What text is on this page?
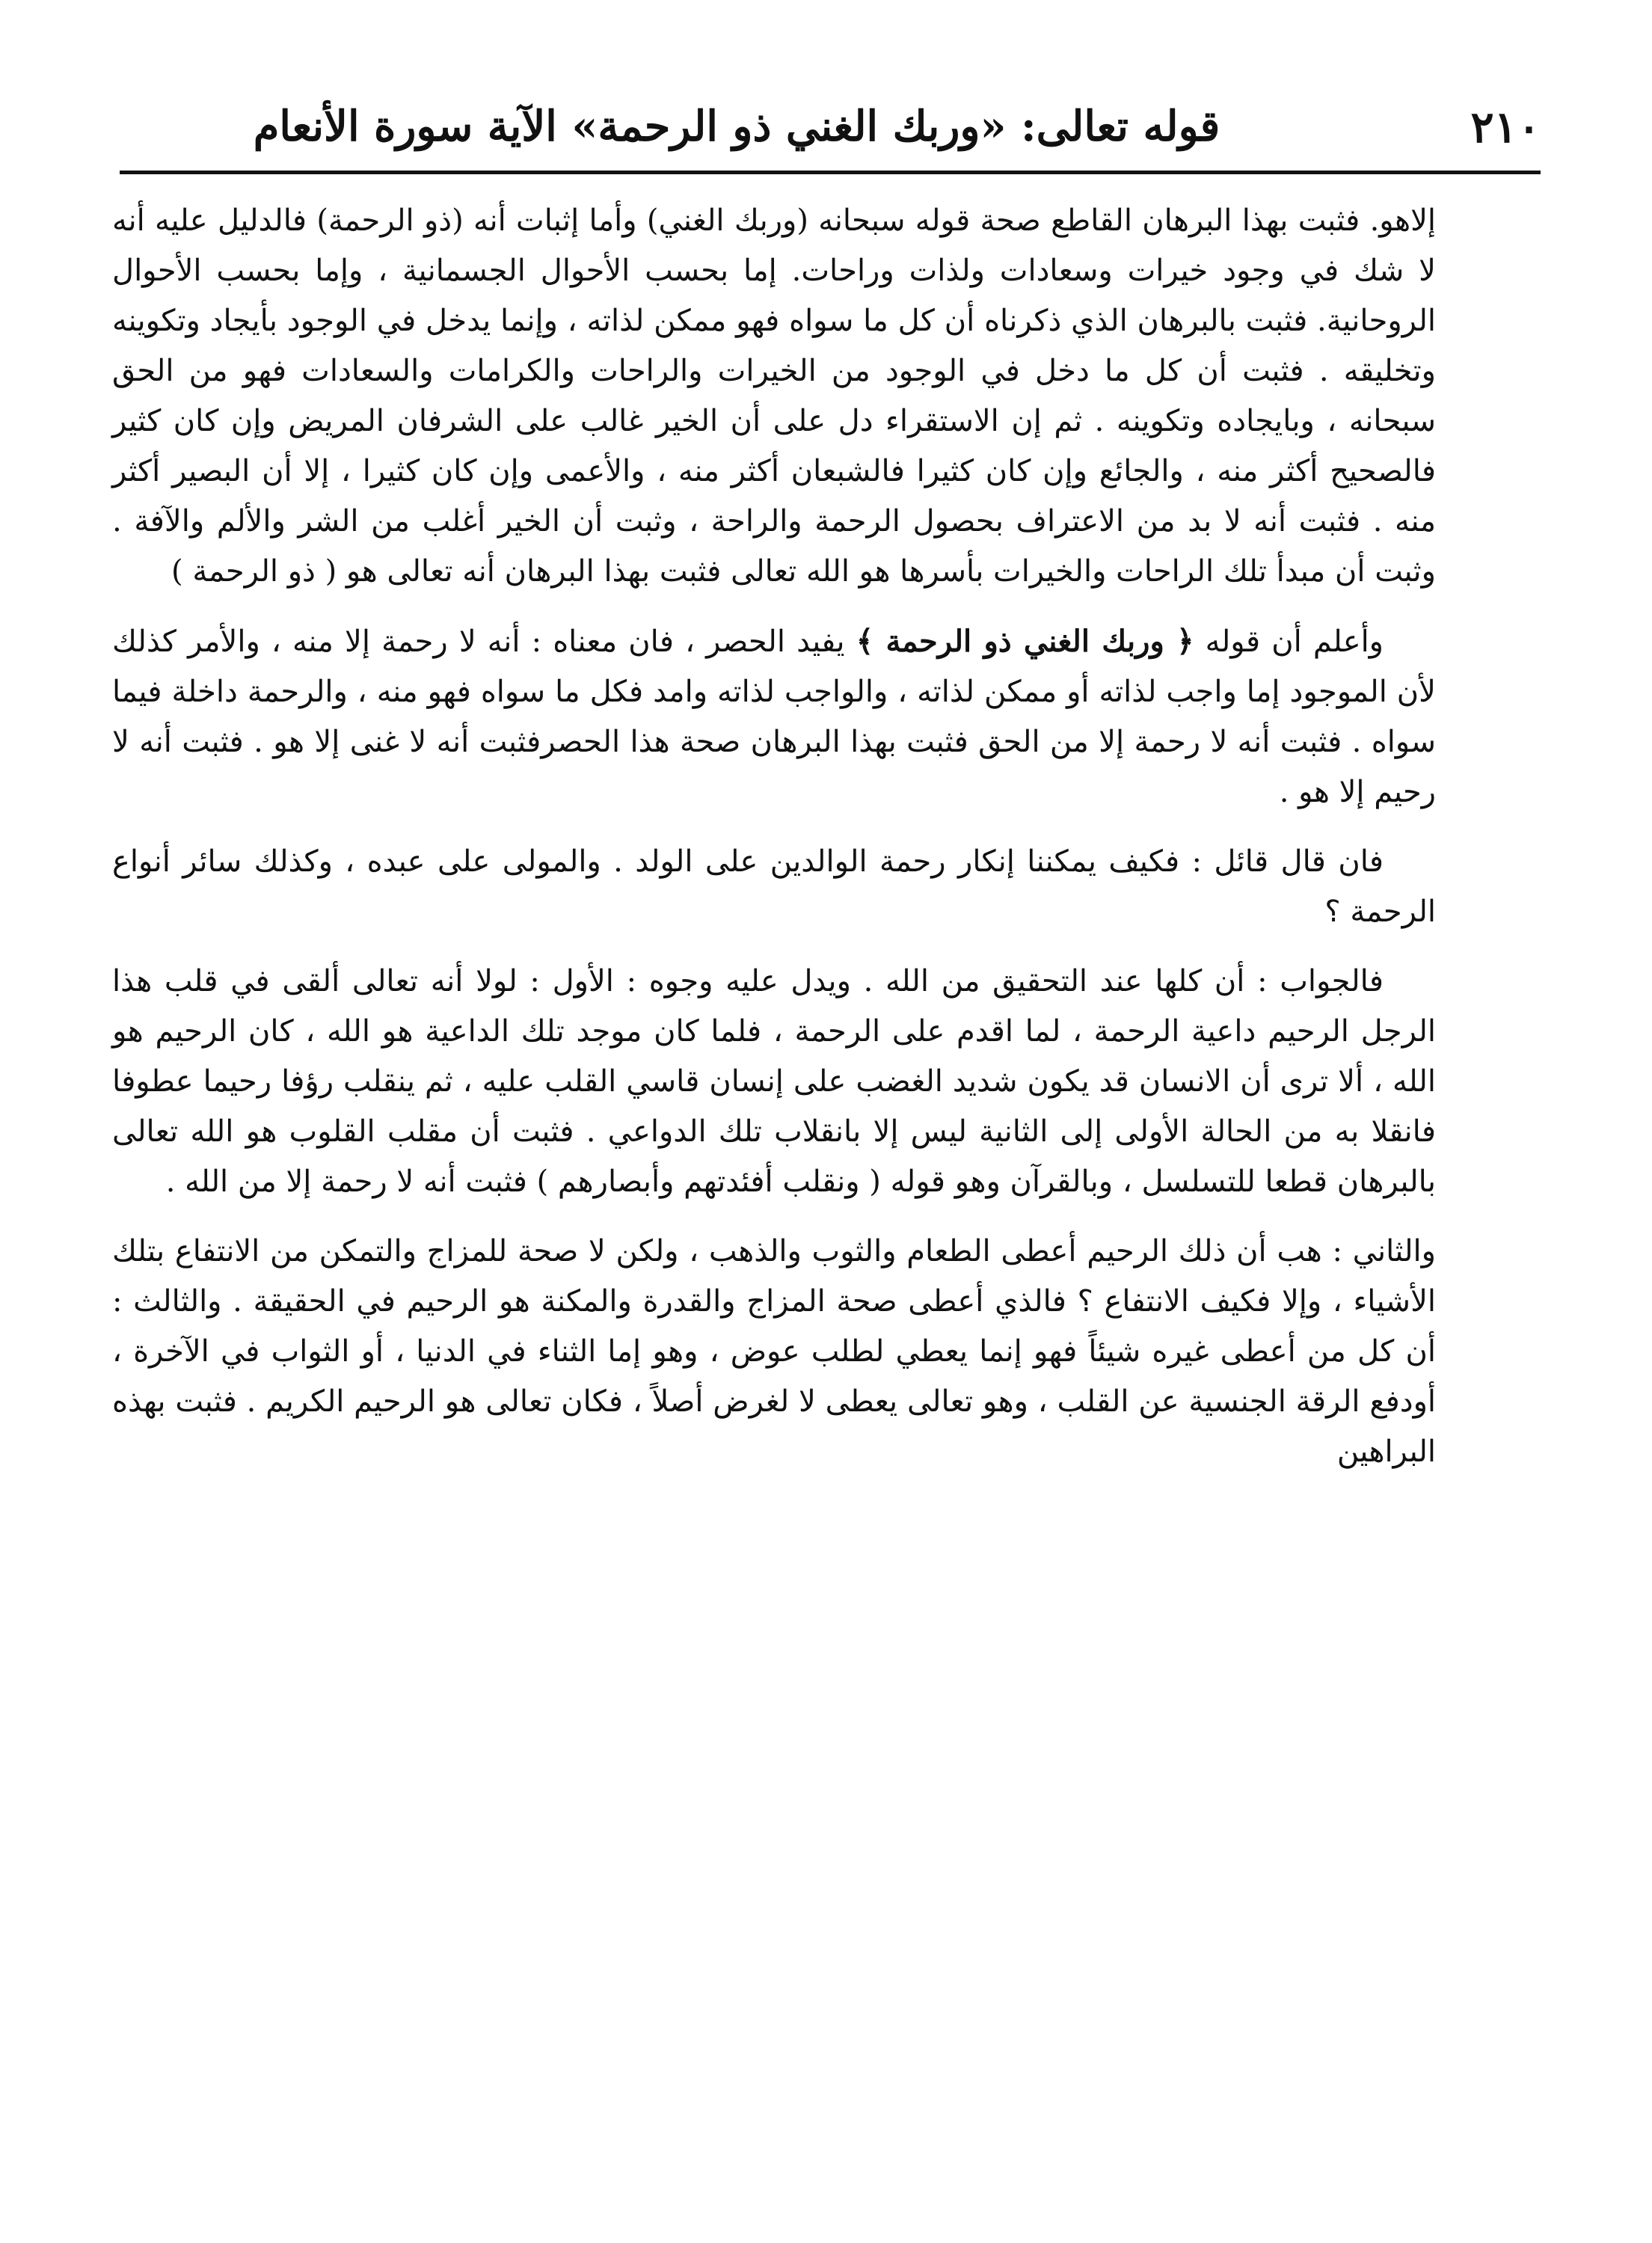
٢١٠
قوله تعالى: «وربك الغني ذو الرحمة» الآية سورة الأنعام

إلاهو. فثبت بهذا البرهان القاطع صحة قوله سبحانه (وربك الغني) وأما إثبات أنه (ذو الرحمة) فالدليل عليه أنه لا شك في وجود خيرات وسعادات ولذات وراحات. إما بحسب الأحوال الجسمانية ، وإما بحسب الأحوال الروحانية. فثبت بالبرهان الذي ذكرناه أن كل ما سواه فهو ممكن لذاته ، وإنما يدخل في الوجود بأيجاد وتكوينه وتخليقه . فثبت أن كل ما دخل في الوجود من الخيرات والراحات والكرامات والسعادات فهو من الحق سبحانه ، وبايجاده وتكوينه . ثم إن الاستقراء دل على أن الخير غالب على الشرفان المريض وإن كان كثير فالصحيح أكثر منه ، والجائع وإن كان كثيرا فالشبعان أكثر منه ، والأعمى وإن كان كثيرا ، إلا أن البصير أكثر منه . فثبت أنه لا بد من الاعتراف بحصول الرحمة والراحة ، وثبت أن الخير أغلب من الشر والألم والآفة . وثبت أن مبدأ تلك الراحات والخيرات بأسرها هو الله تعالى فثبت بهذا البرهان أنه تعالى هو ( ذو الرحمة )

وأعلم أن قوله ﴿ وربك الغني ذو الرحمة ﴾ يفيد الحصر ، فان معناه : أنه لا رحمة إلا منه ، والأمر كذلك لأن الموجود إما واجب لذاته أو ممكن لذاته ، والواجب لذاته وامد فكل ما سواه فهو منه ، والرحمة داخلة فيما سواه . فثبت أنه لا رحمة إلا من الحق فثبت بهذا البرهان صحة هذا الحصرفثبت أنه لا غنى إلا هو . فثبت أنه لا رحيم إلا هو .

فان قال قائل : فكيف يمكننا إنكار رحمة الوالدين على الولد . والمولى على عبده ، وكذلك سائر أنواع الرحمة ؟

فالجواب : أن كلها عند التحقيق من الله . ويدل عليه وجوه : الأول : لولا أنه تعالى ألقى في قلب هذا الرجل الرحيم داعية الرحمة ، لما اقدم على الرحمة ، فلما كان موجد تلك الداعية هو الله ، كان الرحيم هو الله ، ألا ترى أن الانسان قد يكون شديد الغضب على إنسان قاسي القلب عليه ، ثم ينقلب رؤفا رحيما عطوفا فانقلا به من الحالة الأولى إلى الثانية ليس إلا بانقلاب تلك الدواعي . فثبت أن مقلب القلوب هو الله تعالى بالبرهان قطعا للتسلسل ، وبالقرآن وهو قوله ( ونقلب أفئدتهم وأبصارهم ) فثبت أنه لا رحمة إلا من الله .

والثاني : هب أن ذلك الرحيم أعطى الطعام والثوب والذهب ، ولكن لا صحة للمزاج والتمكن من الانتفاع بتلك الأشياء ، وإلا فكيف الانتفاع ؟ فالذي أعطى صحة المزاج والقدرة والمكنة هو الرحيم في الحقيقة . والثالث : أن كل من أعطى غيره شيئاً فهو إنما يعطي لطلب عوض ، وهو إما الثناء في الدنيا ، أو الثواب في الآخرة ، أودفع الرقة الجنسية عن القلب ، وهو تعالى يعطى لا لغرض أصلاً ، فكان تعالى هو الرحيم الكريم . فثبت بهذه البراهين
